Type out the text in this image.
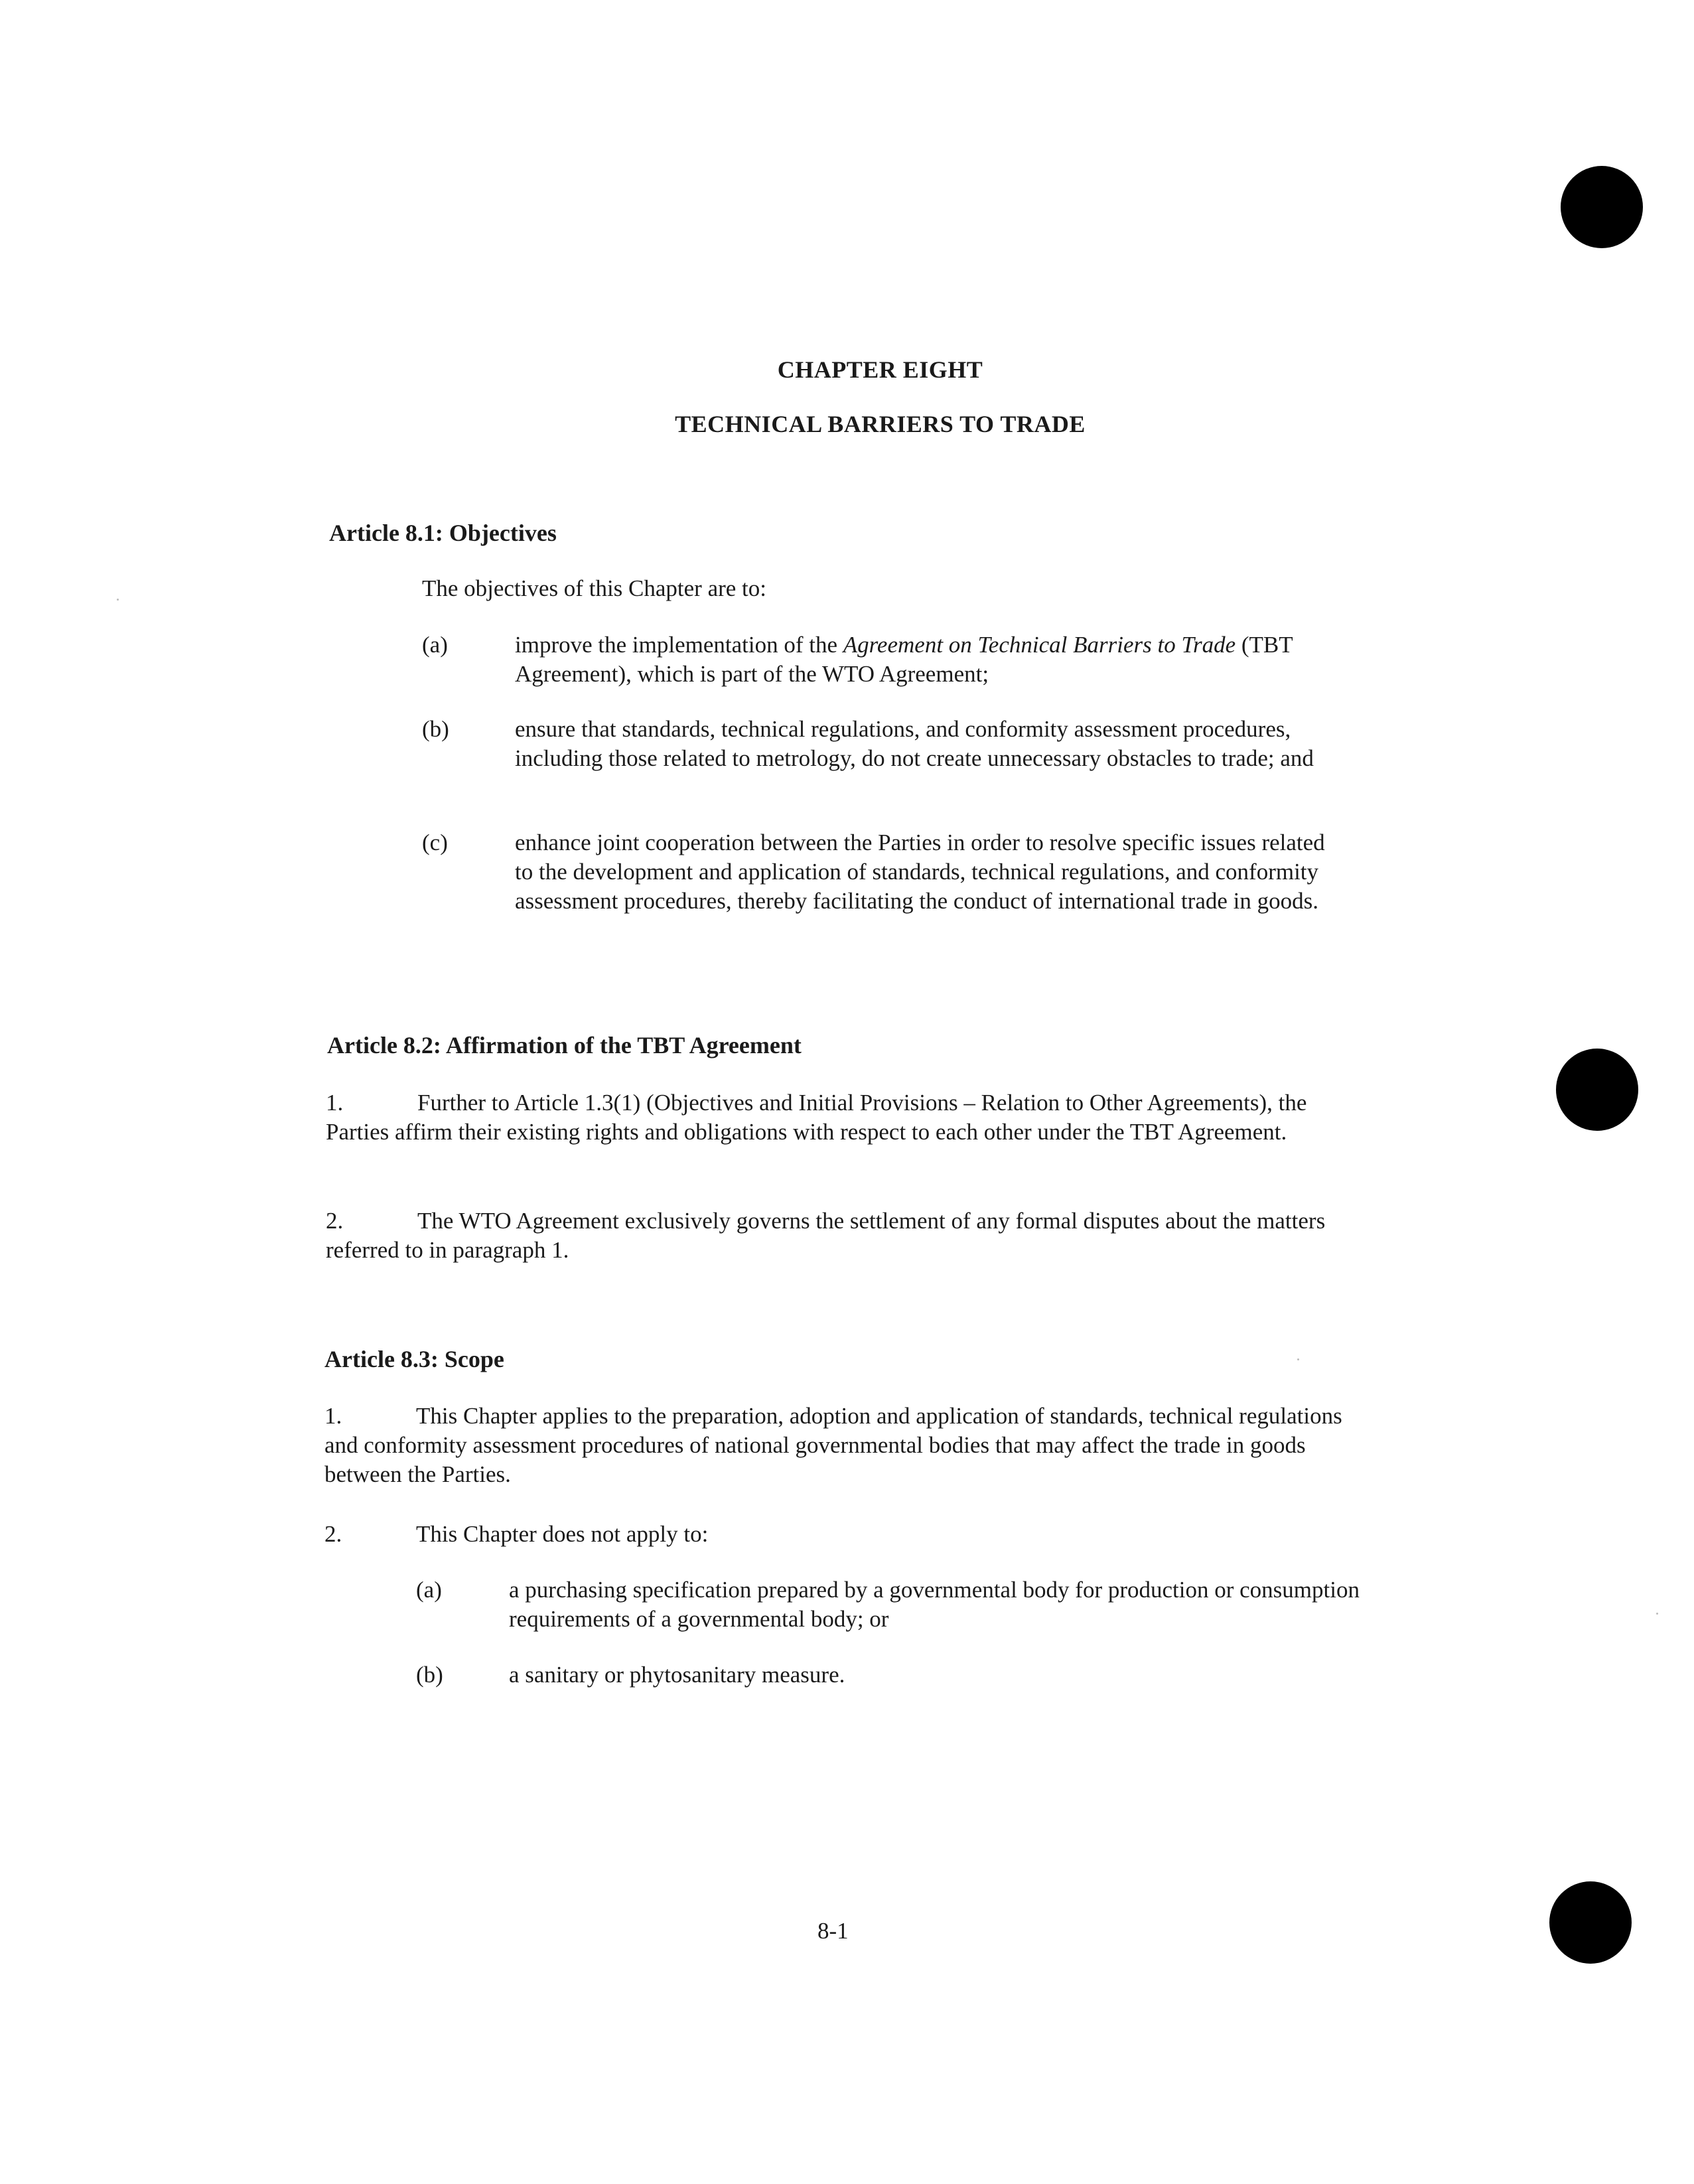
CHAPTER EIGHT
TECHNICAL BARRIERS TO TRADE
Article 8.1: Objectives

The objectives of this Chapter are to:

(a)	improve the implementation of the Agreement on Technical Barriers to Trade (TBT Agreement), which is part of the WTO Agreement;
(b)	ensure that standards, technical regulations, and conformity assessment procedures, including those related to metrology, do not create unnecessary obstacles to trade; and
(c)	enhance joint cooperation between the Parties in order to resolve specific issues related to the development and application of standards, technical regulations, and conformity assessment procedures, thereby facilitating the conduct of international trade in goods.
Article 8.2: Affirmation of the TBT Agreement

1.	Further to Article 1.3(1) (Objectives and Initial Provisions – Relation to Other Agreements), the Parties affirm their existing rights and obligations with respect to each other under the TBT Agreement.

2.	The WTO Agreement exclusively governs the settlement of any formal disputes about the matters referred to in paragraph 1.

Article 8.3: Scope

1.	This Chapter applies to the preparation, adoption and application of standards, technical regulations and conformity assessment procedures of national governmental bodies that may affect the trade in goods between the Parties.

2.	This Chapter does not apply to:

(a)	a purchasing specification prepared by a governmental body for production or consumption requirements of a governmental body; or
(b)	a sanitary or phytosanitary measure.
8-1
